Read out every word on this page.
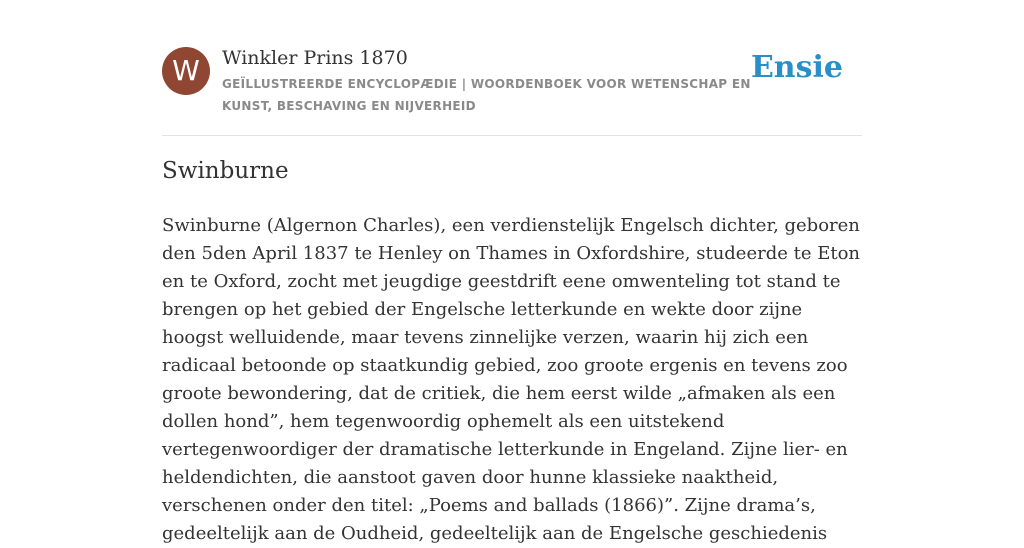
W	Winkler Prins 1870
GEÏLLUSTREERDE ENCYCLOPÆDIE | WOORDENBOEK VOOR WETENSCHAP EN KUNST, BESCHAVING EN NIJVERHEID
Ensie
Swinburne

Swinburne (Algernon Charles), een verdienstelijk Engelsch dichter, geboren den 5den April 1837 te Henley on Thames in Oxfordshire, studeerde te Eton en te Oxford, zocht met jeugdige geestdrift eene omwenteling tot stand te brengen op het gebied der Engelsche letterkunde en wekte door zijne hoogst welluidende, maar tevens zinnelijke verzen, waarin hij zich een radicaal betoonde op staatkundig gebied, zoo groote ergenis en tevens zoo groote bewondering, dat de critiek, die hem eerst wilde „afmaken als een dollen hond”, hem tegenwoordig ophemelt als een uitstekend vertegenwoordiger der dramatische letterkunde in Engeland. Zijne lier- en heldendichten, die aanstoot gaven door hunne klassieke naaktheid, verschenen onder den titel: „Poems and ballads (1866)”. Zijne drama’s, gedeeltelijk aan de Oudheid, gedeeltelijk aan de Engelsche geschiedenis
